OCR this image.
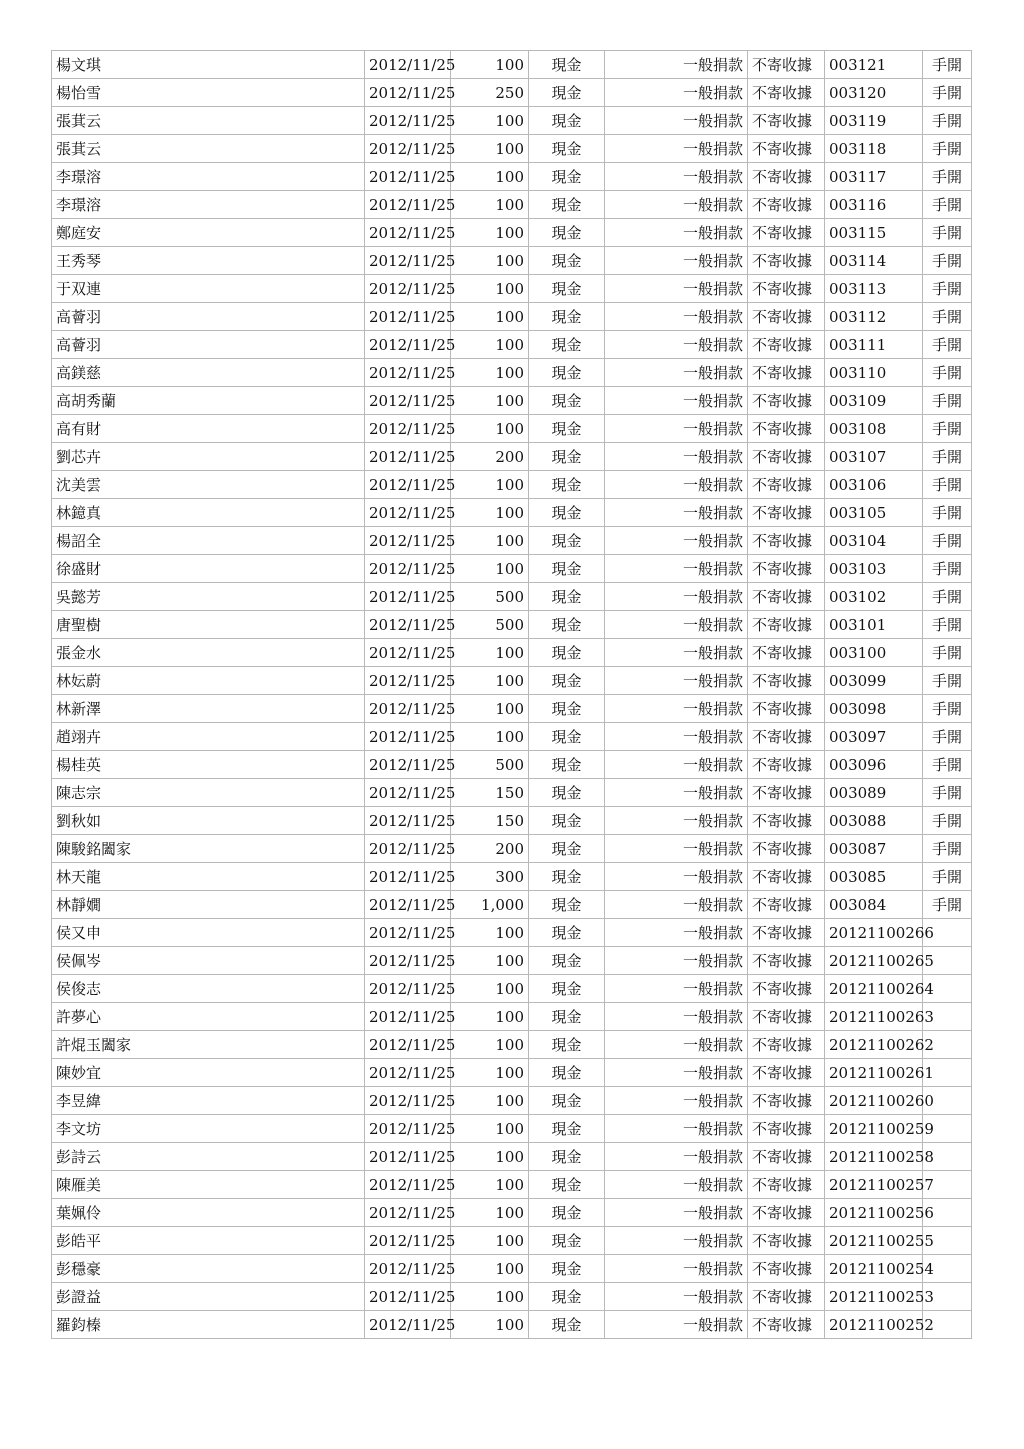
楊文琪	2012/11/25	100	現金	一般捐款	不寄收據	003121	手開
楊怡雪	2012/11/25	250	現金	一般捐款	不寄收據	003120	手開
張萁云	2012/11/25	100	現金	一般捐款	不寄收據	003119	手開
張萁云	2012/11/25	100	現金	一般捐款	不寄收據	003118	手開
李璟溶	2012/11/25	100	現金	一般捐款	不寄收據	003117	手開
李璟溶	2012/11/25	100	現金	一般捐款	不寄收據	003116	手開
鄭庭安	2012/11/25	100	現金	一般捐款	不寄收據	003115	手開
王秀琴	2012/11/25	100	現金	一般捐款	不寄收據	003114	手開
于双連	2012/11/25	100	現金	一般捐款	不寄收據	003113	手開
高薈羽	2012/11/25	100	現金	一般捐款	不寄收據	003112	手開
高薈羽	2012/11/25	100	現金	一般捐款	不寄收據	003111	手開
高鎂慈	2012/11/25	100	現金	一般捐款	不寄收據	003110	手開
高胡秀蘭	2012/11/25	100	現金	一般捐款	不寄收據	003109	手開
高有財	2012/11/25	100	現金	一般捐款	不寄收據	003108	手開
劉芯卉	2012/11/25	200	現金	一般捐款	不寄收據	003107	手開
沈美雲	2012/11/25	100	現金	一般捐款	不寄收據	003106	手開
林鐿真	2012/11/25	100	現金	一般捐款	不寄收據	003105	手開
楊詔全	2012/11/25	100	現金	一般捐款	不寄收據	003104	手開
徐盛財	2012/11/25	100	現金	一般捐款	不寄收據	003103	手開
吳懿芳	2012/11/25	500	現金	一般捐款	不寄收據	003102	手開
唐聖樹	2012/11/25	500	現金	一般捐款	不寄收據	003101	手開
張金水	2012/11/25	100	現金	一般捐款	不寄收據	003100	手開
林妘蔚	2012/11/25	100	現金	一般捐款	不寄收據	003099	手開
林新澤	2012/11/25	100	現金	一般捐款	不寄收據	003098	手開
趙翊卉	2012/11/25	100	現金	一般捐款	不寄收據	003097	手開
楊桂英	2012/11/25	500	現金	一般捐款	不寄收據	003096	手開
陳志宗	2012/11/25	150	現金	一般捐款	不寄收據	003089	手開
劉秋如	2012/11/25	150	現金	一般捐款	不寄收據	003088	手開
陳駿銘闔家	2012/11/25	200	現金	一般捐款	不寄收據	003087	手開
林天龍	2012/11/25	300	現金	一般捐款	不寄收據	003085	手開
林靜嫺	2012/11/25	1,000	現金	一般捐款	不寄收據	003084	手開
侯又申	2012/11/25	100	現金	一般捐款	不寄收據	20121100266	
侯佩岑	2012/11/25	100	現金	一般捐款	不寄收據	20121100265	
侯俊志	2012/11/25	100	現金	一般捐款	不寄收據	20121100264	
許夢心	2012/11/25	100	現金	一般捐款	不寄收據	20121100263	
許焜玉闔家	2012/11/25	100	現金	一般捐款	不寄收據	20121100262	
陳妙宜	2012/11/25	100	現金	一般捐款	不寄收據	20121100261	
李昱緯	2012/11/25	100	現金	一般捐款	不寄收據	20121100260	
李文坊	2012/11/25	100	現金	一般捐款	不寄收據	20121100259	
彭詩云	2012/11/25	100	現金	一般捐款	不寄收據	20121100258	
陳雁美	2012/11/25	100	現金	一般捐款	不寄收據	20121100257	
葉姵伶	2012/11/25	100	現金	一般捐款	不寄收據	20121100256	
彭皓平	2012/11/25	100	現金	一般捐款	不寄收據	20121100255	
彭穩豪	2012/11/25	100	現金	一般捐款	不寄收據	20121100254	
彭證益	2012/11/25	100	現金	一般捐款	不寄收據	20121100253	
羅鈞榛	2012/11/25	100	現金	一般捐款	不寄收據	20121100252	
